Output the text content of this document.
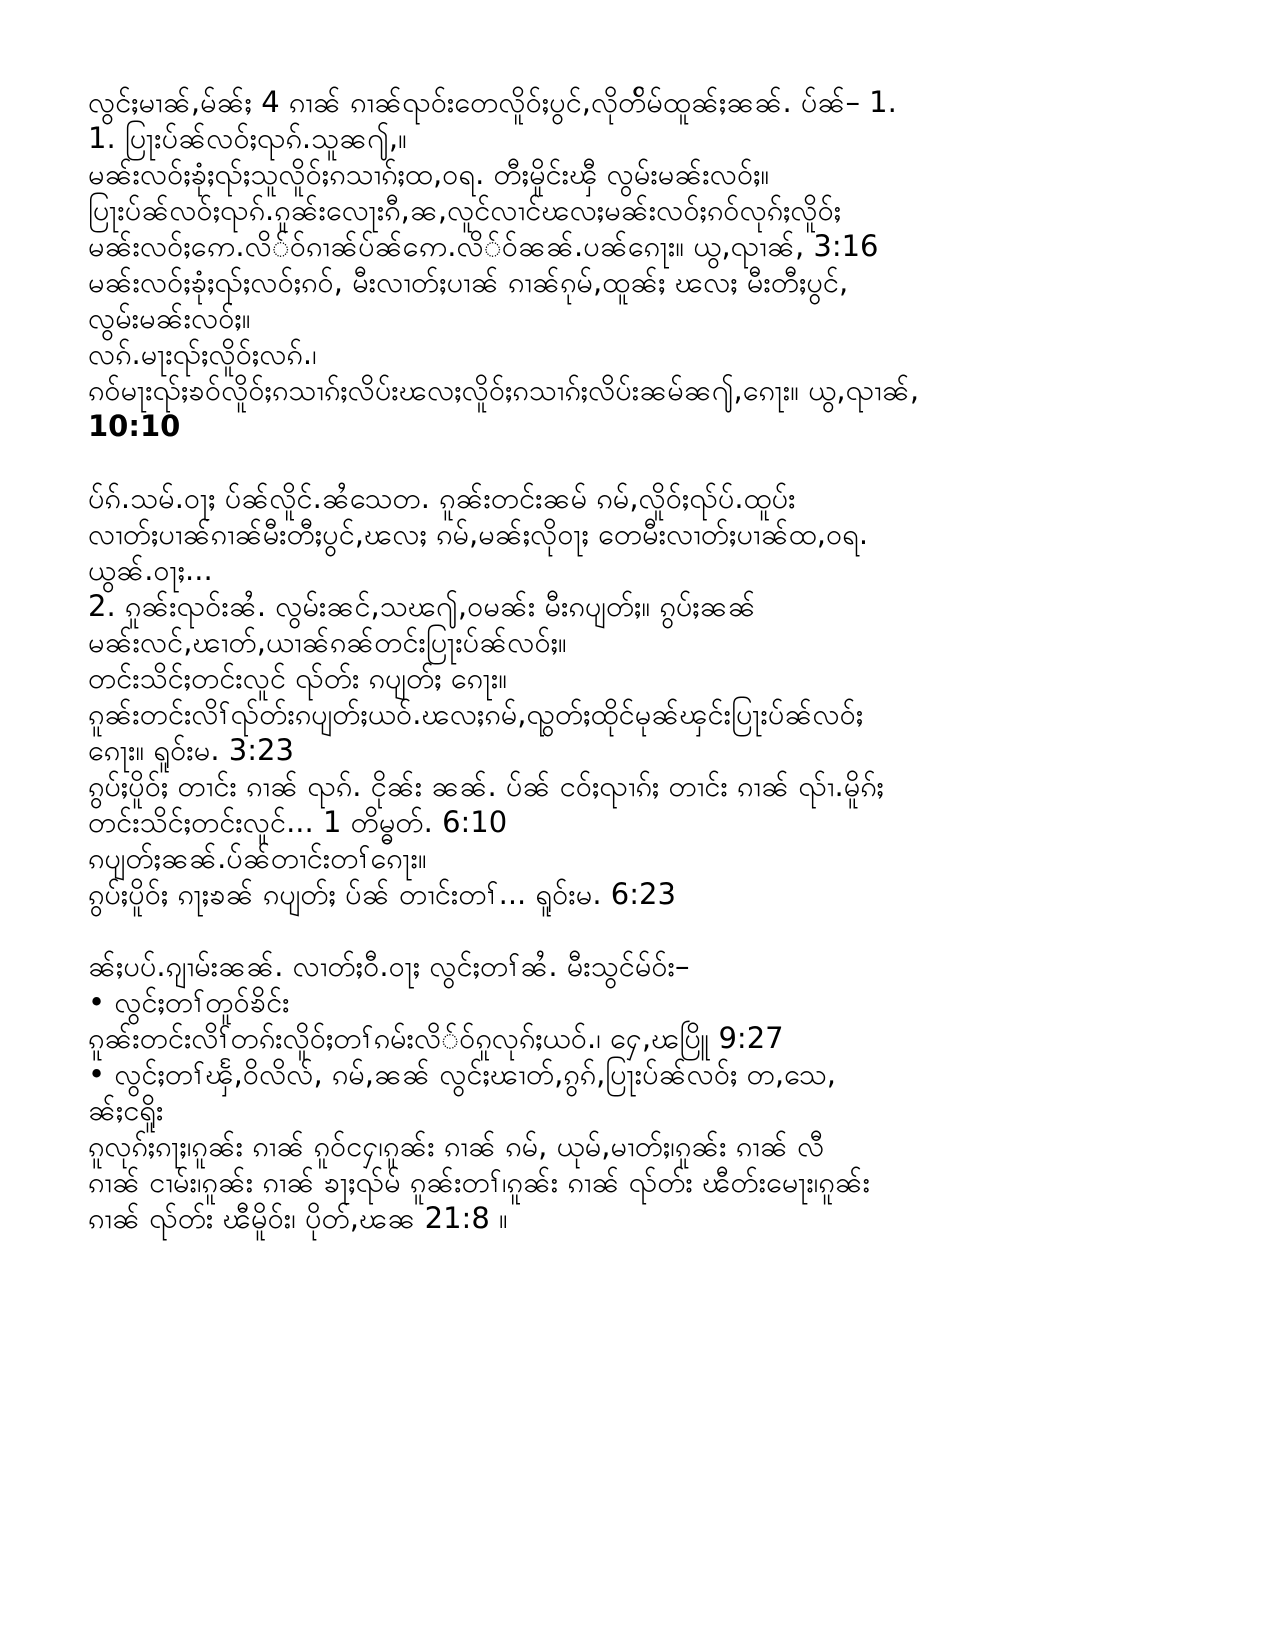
လွင်ႈမၢၼ်,မ်ၼ်ႈ 4 ၵၢၼ် ၵၢၼ်ၺဝ်းတေလိူဝ်ႈပွင်,လိုတ်ိမ်ထူၼ်ႈၼၼ်. ပ်ၼ်– 1.

1. ပြႃးပ်ၼ်လဝ်ႈၺၵ်.သူၼ႟,။

မၼ်းလဝ်ႈၶုံႈၺ်ႈသူလိူဝ်ႈၵသၢၵ်ႈထ,ဝရ. တီႈမိူင်းၾီ လွမ်းမၼ်းလဝ်ႈ။

ပြႃးပ်ၼ်လဝ်ႈၺၵ်.ၵူၼ်းလေႃးၵီ,ၼ,လူင်လၢင်ၽလႈမၼ်းလဝ်ႈၵဝ်လုၵ်ႈလိူဝ်ႈ

မၼ်းလဝ်ႈဢေ.လိ်ဝ်ၵၢၼ်ပ်ၼ်ဢေ.လိ်ဝ်ၼၼ်.ပၼ်ၵေႃး။ ယွ,ၺၢၼ်, 3:16

မၼ်းလဝ်ႈၶုံႈၺ်ႈလဝ်ႈၵဝ်, မီးလၢတ်ႈပၢၼ် ၵၢၼ်ၵုမ်,ထူၼ်ႈ ၽလႈ မီးတီႈပွင်,

လွမ်းမၼ်းလဝ်ႈ။

လၵ်.မႃးၺ်ႈလိူဝ်ႈလၵ်.၊

ၵဝ်မႃးၺ်ႈၶဝ်လိူဝ်ႈၵသၢၵ်ႈလိပ်းၽလႈလိူဝ်ႈၵသၢၵ်ႈလိပ်းၼမ်ၼ႟,ၵေႃး။ ယွ,ၺၢၼ်,

10:10

ပ်ၵ်.သမ်.ဝႃႈ ပ်ၼ်လိူင်.ၼႆသေတ. ၵူၼ်းတင်းၼမ် ၵမ်,လိူဝ်ႈၺ်ပ်.ထူပ်း

လၢတ်ႈပၢၼ်ၵၢၼ်မီးတီႈပွင်,ၽလႈ ၵမ်,မၼ်ႈလိုဝႃႈ တေမီးလၢတ်ႈပၢၼ်ထ,ဝရ.

ယွၼ်.ဝႃႈ...

2. ၵူၼ်းၺဝ်းၼႆ. လွမ်းၼင်,သၽ႟,ဝမၼ်း မီးၵပျတ်ႈ။ ၵွပ်ႈၼၼ်

မၼ်းလင်,ၽၢတ်,ယၢၼ်ၵၼ်တင်းပြႃးပ်ၼ်လဝ်ႈ။

တင်းသိင်ႈတင်းလူင် ၺ်တ်း ၵပျတ်ႈ ၵေႃး။

ၵူၼ်းတင်းလိၢ်ၺ်တ်းၵပျတ်ႈယဝ်.ၽလႈၵမ်,ၺွတ်ႈထိုင်မုၼ်ၾင်းပြႃးပ်ၼ်လဝ်ႈ

ၵေႃး။ ရူဝ်းမ. 3:23

ၵွပ်ႈပိူဝ်ႈ တၢင်း ၵၢၼ် ၺၵ်. ငိုၼ်း ၼၼ်. ပ်ၼ် ငဝ်ႈၺၢၵ်ႈ တၢင်း ၵၢၼ် ၺ်ၢ.မိူၵ်ႈ

တင်းသိင်ႈတင်းလူင်... 1 တိမ္ဓတ်. 6:10

ၵပျတ်ႈၼၼ်.ပ်ၼ်တၢင်းတၢ်ၵေႃး။

ၵွပ်ႈပိူဝ်ႈ ၵႃႈၶၼ် ၵပျတ်ႈ ပ်ၼ် တၢင်းတၢ်... ရူဝ်းမ. 6:23

ၼ်ႈပပ်.ၵျၢမ်းၼၼ်. လၢတ်ႈဝီ.ဝႃႈ လွင်ႈတၢ်ၼႆ. မီးသွင်မ်ဝ်း–

• လွင်ႈတၢ်တူဝ်ၶိင်း

ၵူၼ်းတင်းလိၢ်တၵ်းလိူဝ်ႈတၢ်ၵမ်းလိ်ဝ်ၵူလုၵ်ႈယဝ်.၊ ႁေ,ၽပြိူ 9:27

• လွင်ႈတၢ်ၾႅ,ဝိလိလ်, ၵမ်,ၼၼ် လွင်ႈၽၢတ်,ၵွၵ်,ပြႃးပ်ၼ်လဝ်ႈ တ,သေ,

ၼ်ႈငရိူး

ၵူလုၵ်ႈၵႃႈ၊ၵူၼ်း ၵၢၼ် ၵူဝ်ငႁ၊ၵူၼ်း ၵၢၼ် ၵမ်, ယုမ်,မၢတ်ႈ၊ၵူၼ်း ၵၢၼ် လီ

ၵၢၼ် ငၢမ်း၊ၵူၼ်း ၵၢၼ် ၶႃႈၺ်မ် ၵူၼ်းတၢ်၊ၵူၼ်း ၵၢၼ် ၺ်တ်း ၽီတ်းမေႃး၊ၵူၼ်း

ၵၢၼ် ၺ်တ်း ၽီမိူဝ်း၊ ပိုတ်,ၽၼ 21:8 ။
